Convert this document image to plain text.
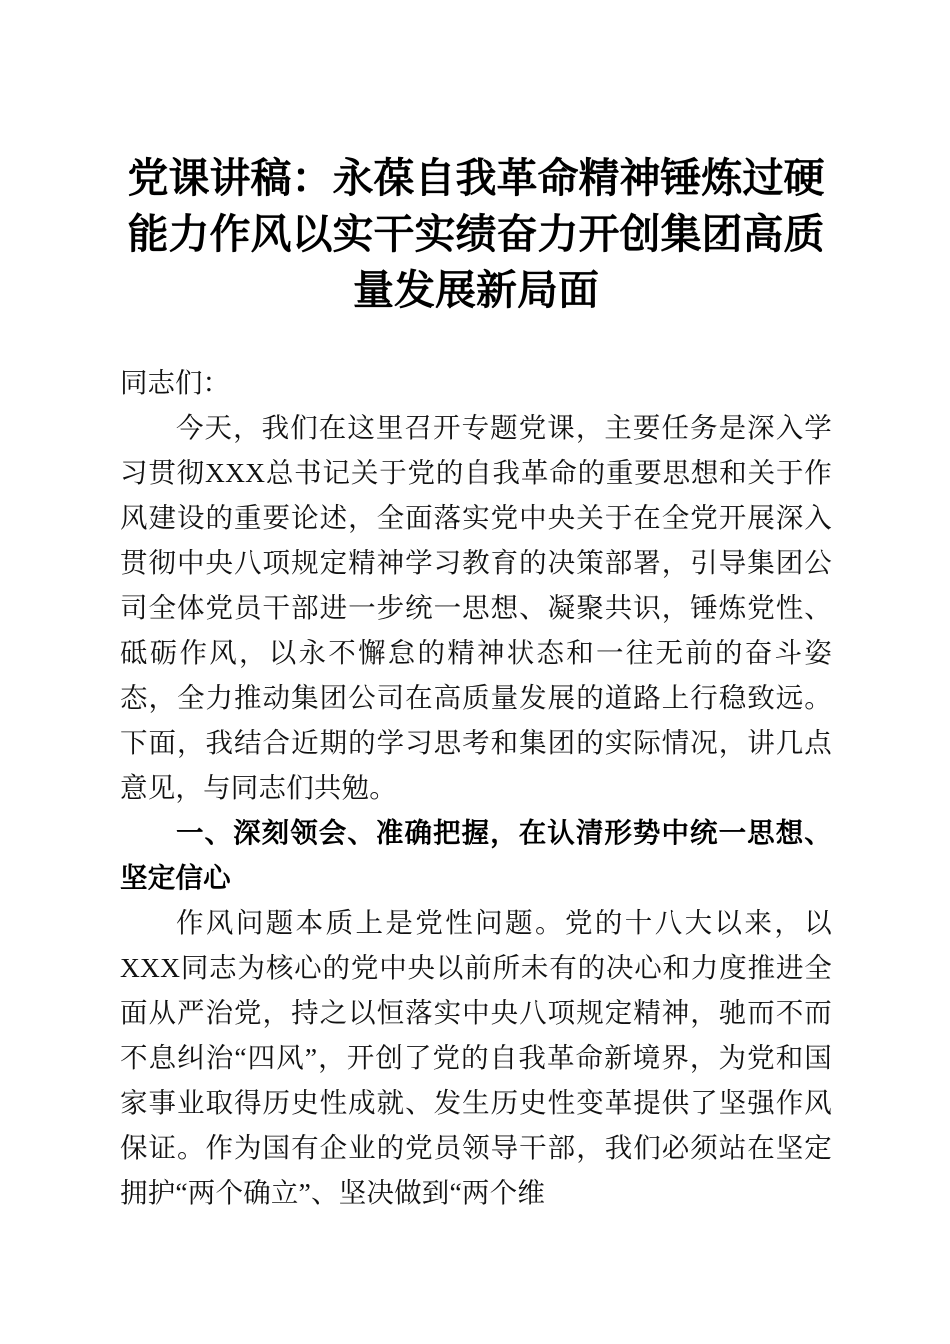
党课讲稿：永葆自我革命精神锤炼过硬能力作风以实干实绩奋力开创集团高质量发展新局面

同志们：

今天，我们在这里召开专题党课，主要任务是深入学习贯彻XXX总书记关于党的自我革命的重要思想和关于作风建设的重要论述，全面落实党中央关于在全党开展深入贯彻中央八项规定精神学习教育的决策部署，引导集团公司全体党员干部进一步统一思想、凝聚共识，锤炼党性、砥砺作风，以永不懈怠的精神状态和一往无前的奋斗姿态，全力推动集团公司在高质量发展的道路上行稳致远。下面，我结合近期的学习思考和集团的实际情况，讲几点意见，与同志们共勉。

一、深刻领会、准确把握，在认清形势中统一思想、坚定信心

作风问题本质上是党性问题。党的十八大以来，以XXX同志为核心的党中央以前所未有的决心和力度推进全面从严治党，持之以恒落实中央八项规定精神，驰而不而不息纠治“四风”，开创了党的自我革命新境界，为党和国家事业取得历史性成就、发生历史性变革提供了坚强作风保证。作为国有企业的党员领导干部，我们必须站在坚定拥护“两个确立”、坚决做到“两个维
